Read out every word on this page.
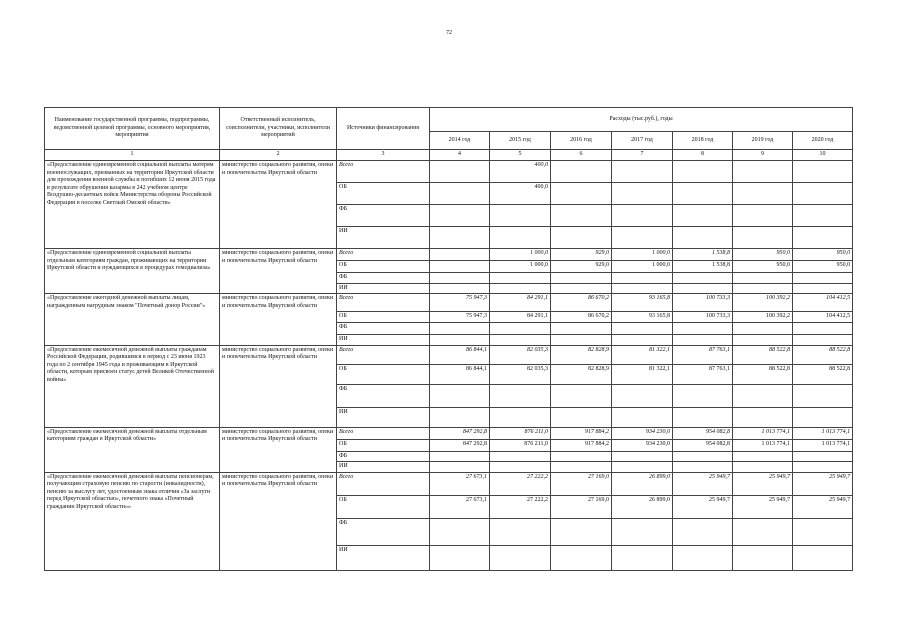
72
Наименование государственной программы, подпрограммы, ведомственной целевой программы, основного мероприятия, мероприятия	Ответственный исполнитель, соисполнители, участники, исполнители мероприятий	Источники финансирования	Расходы (тыс.руб.), годы						
			2014 год	2015 год	2016 год	2017 год	2018 год	2019 год	2020 год
1	2	3	4	5	6	7	8	9	10
«Предоставление единовременной социальной выплаты матерям военнослужащих, призванных на территории Иркутской области для прохождения военной службы и погибших 12 июня 2015 года в результате обрушения казармы в 242 учебном центре Воздушно-десантных войск Министерства обороны Российской Федерации в поселке Светлый Омской области»	министерство социального развития, опеки и попечительства Иркутской области	Всего		400,0					
		ОБ		400,0					
		ФБ							
		ИИ							
«Предоставление единовременной социальной выплаты отдельным категориям граждан, проживающих на территории Иркутской области и нуждающихся в процедурах гемодиализа»	министерство социального развития, опеки и попечительства Иркутской области	Всего		1 000,0	929,0	1 000,0	1 538,8	950,0	950,0
		ОБ		1 000,0	929,0	1 000,0	1 538,8	950,0	950,0
		ФБ							
		ИИ							
«Предоставление ежегодной денежной выплаты лицам, награжденным нагрудным знаком "Почетный донор России"»	министерство социального развития, опеки и попечительства Иркутской области	Всего	75 947,3	84 291,1	86 670,2	93 165,8	100 733,3	100 392,2	104 412,5
		ОБ	75 947,3	84 291,1	86 670,2	93 165,8	100 733,3	100 392,2	104 412,5
		ФБ							
		ИИ							
«Предоставление ежемесячной денежной выплаты гражданам Российской Федерации, родившимся в период с 23 июня 1923 года по 2 сентября 1945 года и проживающим в Иркутской области, которым присвоен статус детей Великой Отечественной войны»	министерство социального развития, опеки и попечительства Иркутской области	Всего	86 844,1	82 035,3	82 828,9	81 322,1	87 763,1	88 522,8	88 522,8
		ОБ	86 844,1	82 035,3	82 828,9	81 322,1	87 763,1	88 522,8	88 522,8
		ФБ							
		ИИ							
«Предоставление ежемесячной денежной выплаты отдельным категориям граждан в Иркутской области»	министерство социального развития, опеки и попечительства Иркутской области	Всего	847 292,8	876 211,0	917 884,2	934 230,0	954 082,8	1 013 774,1	1 013 774,1
		ОБ	847 292,8	876 211,0	917 884,2	934 230,0	954 082,8	1 013 774,1	1 013 774,1
		ФБ							
		ИИ							
«Предоставление ежемесячной денежной выплаты пенсионерам, получающим страховую пенсию по старости (инвалидности), пенсию за выслугу лет, удостоенным знака отличия «За заслуги перед Иркутской областью», почетного знака «Почетный гражданин Иркутской области»»	министерство социального развития, опеки и попечительства Иркутской области	Всего	27 673,1	27 222,2	27 169,0	26 899,0	25 949,7	25 949,7	25 949,7
		ОБ	27 673,1	27 222,2	27 169,0	26 899,0	25 949,7	25 949,7	25 949,7
		ФБ							
		ИИ							
